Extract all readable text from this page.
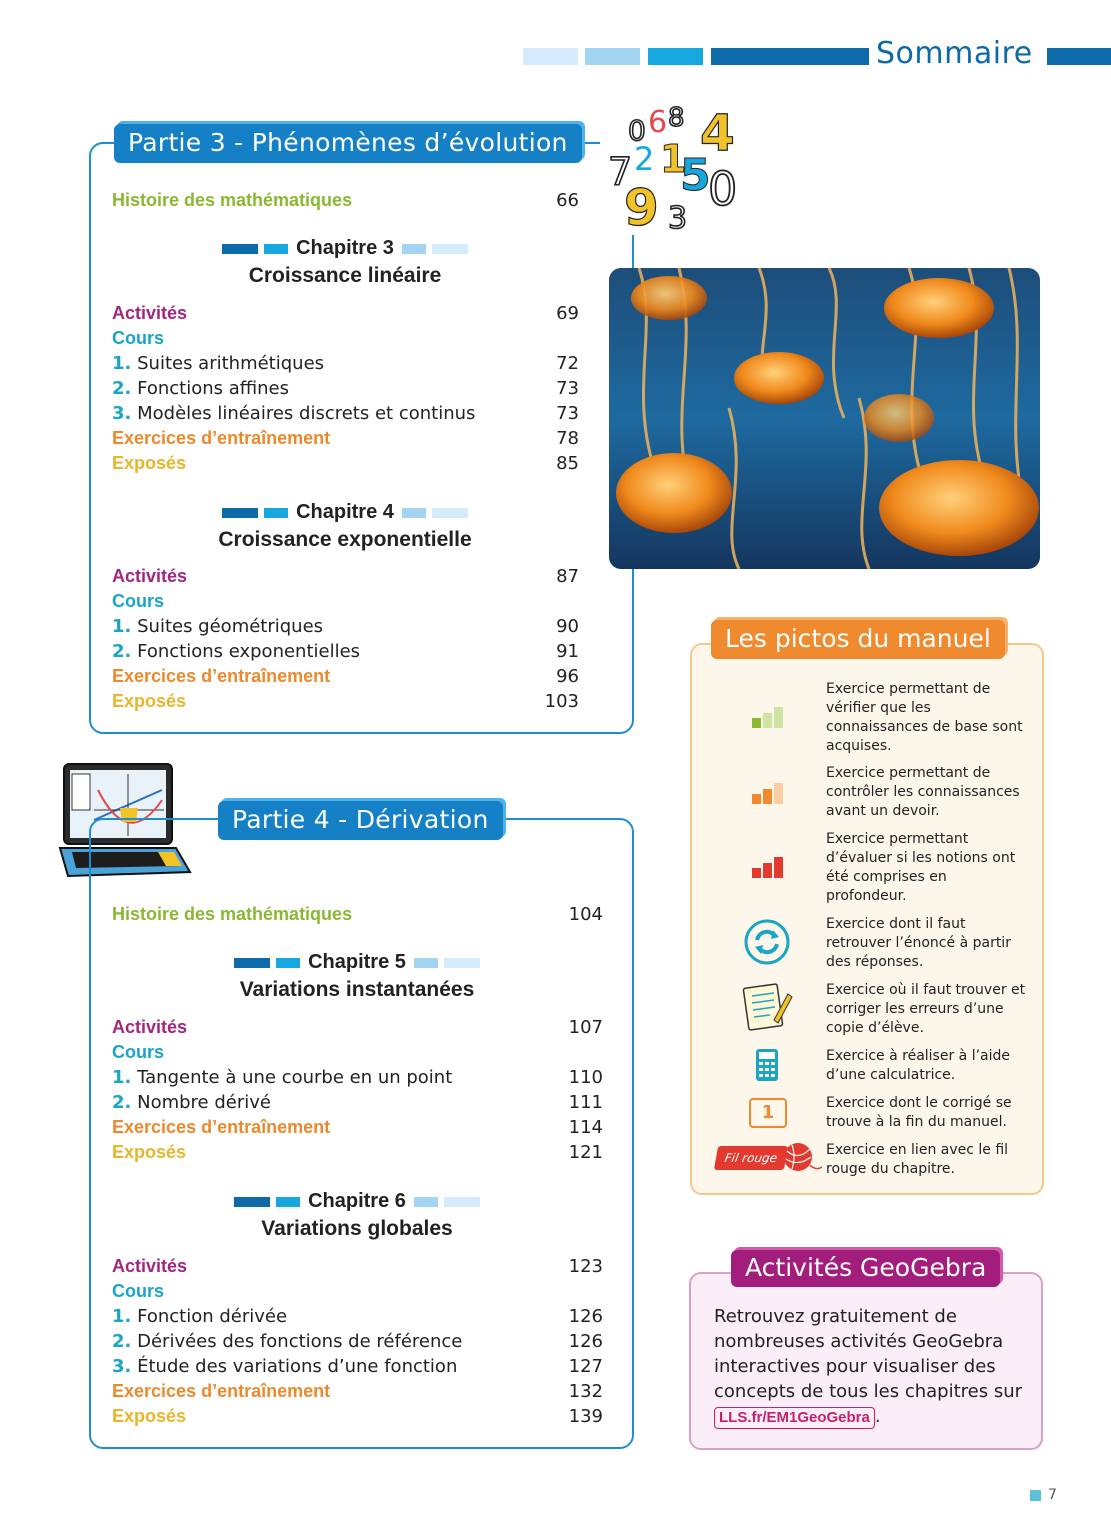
Sommaire
Partie 3 - Phénomènes d’évolution	0 6 8 4
7 2 1
5
0
9 3
Histoire des mathématiques	66
Chapitre 3
Croissance linéaire
Activités	69
Cours
1. Suites arithmétiques	72
2. Fonctions affines	73
3. Modèles linéaires discrets et continus	73
Exercices d’entraînement	78
Exposés	85
Chapitre 4
Croissance exponentielle
Activités	87
Cours
1. Suites géométriques	90
2. Fonctions exponentielles	91
Exercices d’entraînement	96
Exposés	103
Partie 4 - Dérivation
Histoire des mathématiques	104
Chapitre 5
Variations instantanées
Activités	107
Cours
1. Tangente à une courbe en un point	110
2. Nombre dérivé	111
Exercices d’entraînement	114
Exposés	121
Chapitre 6
Variations globales
Activités	123
Cours
1. Fonction dérivée	126
2. Dérivées des fonctions de référence	126
3. Étude des variations d’une fonction	127
Exercices d’entraînement	132
Exposés	139
Les pictos du manuel
Exercice permettant de vérifier que les connaissances de base sont acquises.
Exercice permettant de contrôler les connaissances avant un devoir.
Exercice permettant d’évaluer si les notions ont été comprises en profondeur.
Exercice dont il faut retrouver l’énoncé à partir des réponses.
Exercice où il faut trouver et corriger les erreurs d’une copie d’élève.
Exercice à réaliser à l’aide d’une calculatrice.
1	Exercice dont le corrigé se trouve à la fin du manuel.
Fil rouge	Exercice en lien avec le fil rouge du chapitre.
Activités GeoGebra
Retrouvez gratuitement de nombreuses activités GeoGebra interactives pour visualiser des concepts de tous les chapitres sur LLS.fr/EM1GeoGebra .
7
